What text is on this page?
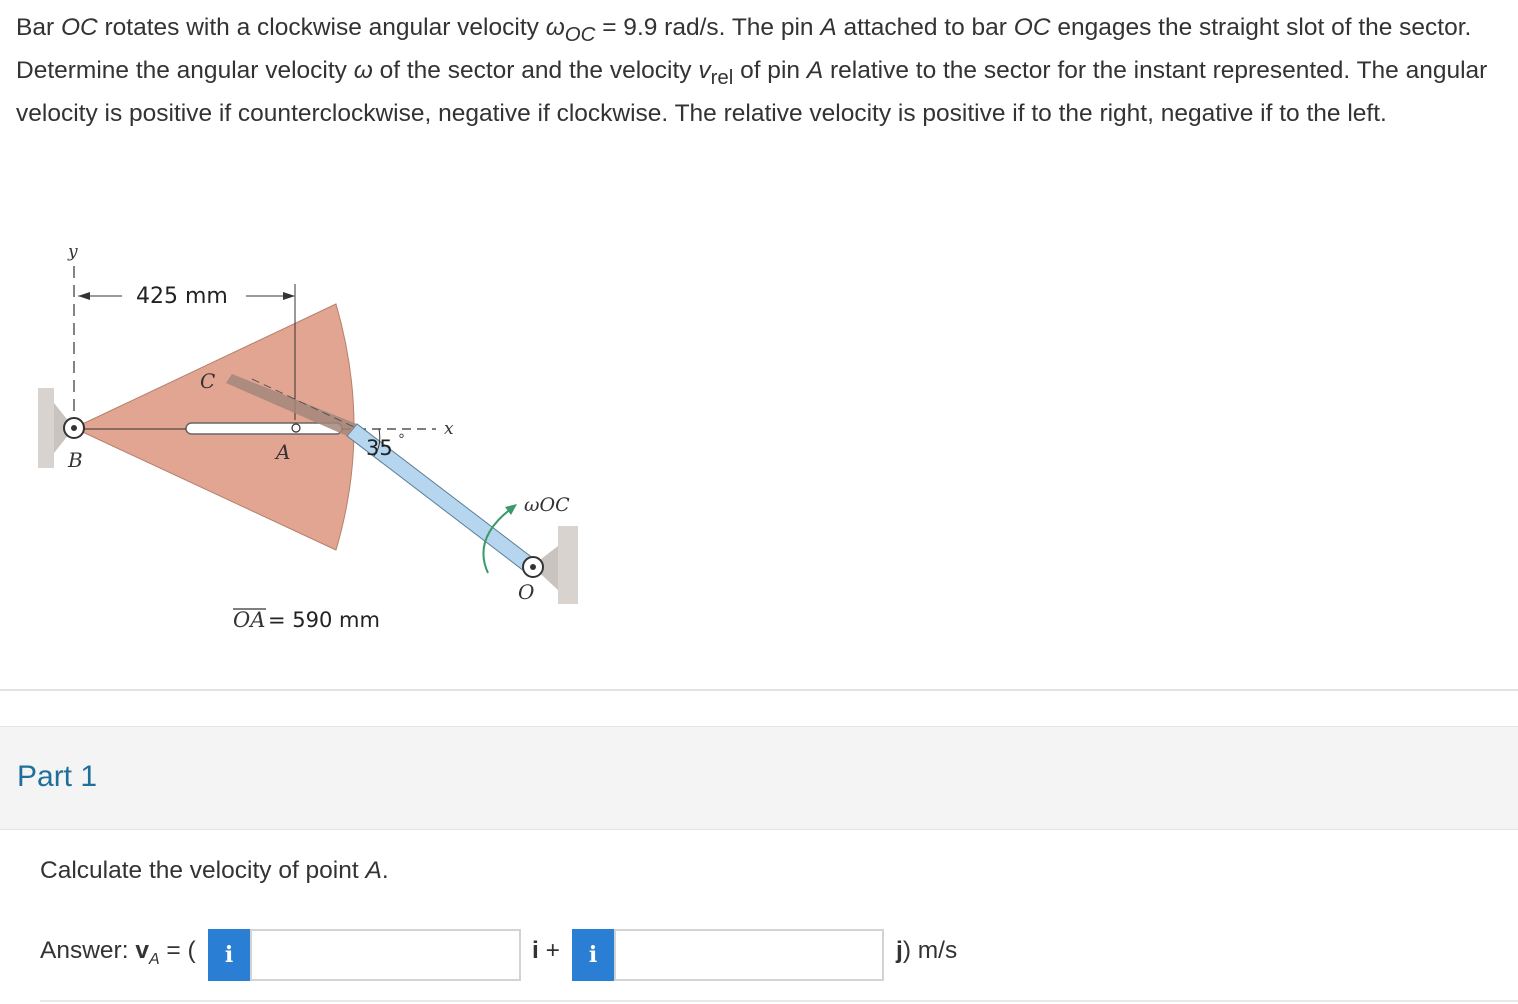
Bar OC rotates with a clockwise angular velocity $\omega_{OC} = 9.9$ rad/s. The pin A attached to bar OC engages the straight slot of the sector. Determine the angular velocity ω of the sector and the velocity $v_{rel}$ of pin A relative to the sector for the instant represented. The angular velocity is positive if counterclockwise, negative if clockwise. The relative velocity is positive if to the right, negative if to the left.
y
x
425 mm
C
A
B
O
35 °
ωOC
OA = 590 mm
Part 1
Calculate the velocity of point A.
Answer: $v_A$ = (	i	i +	i	j) m/s
